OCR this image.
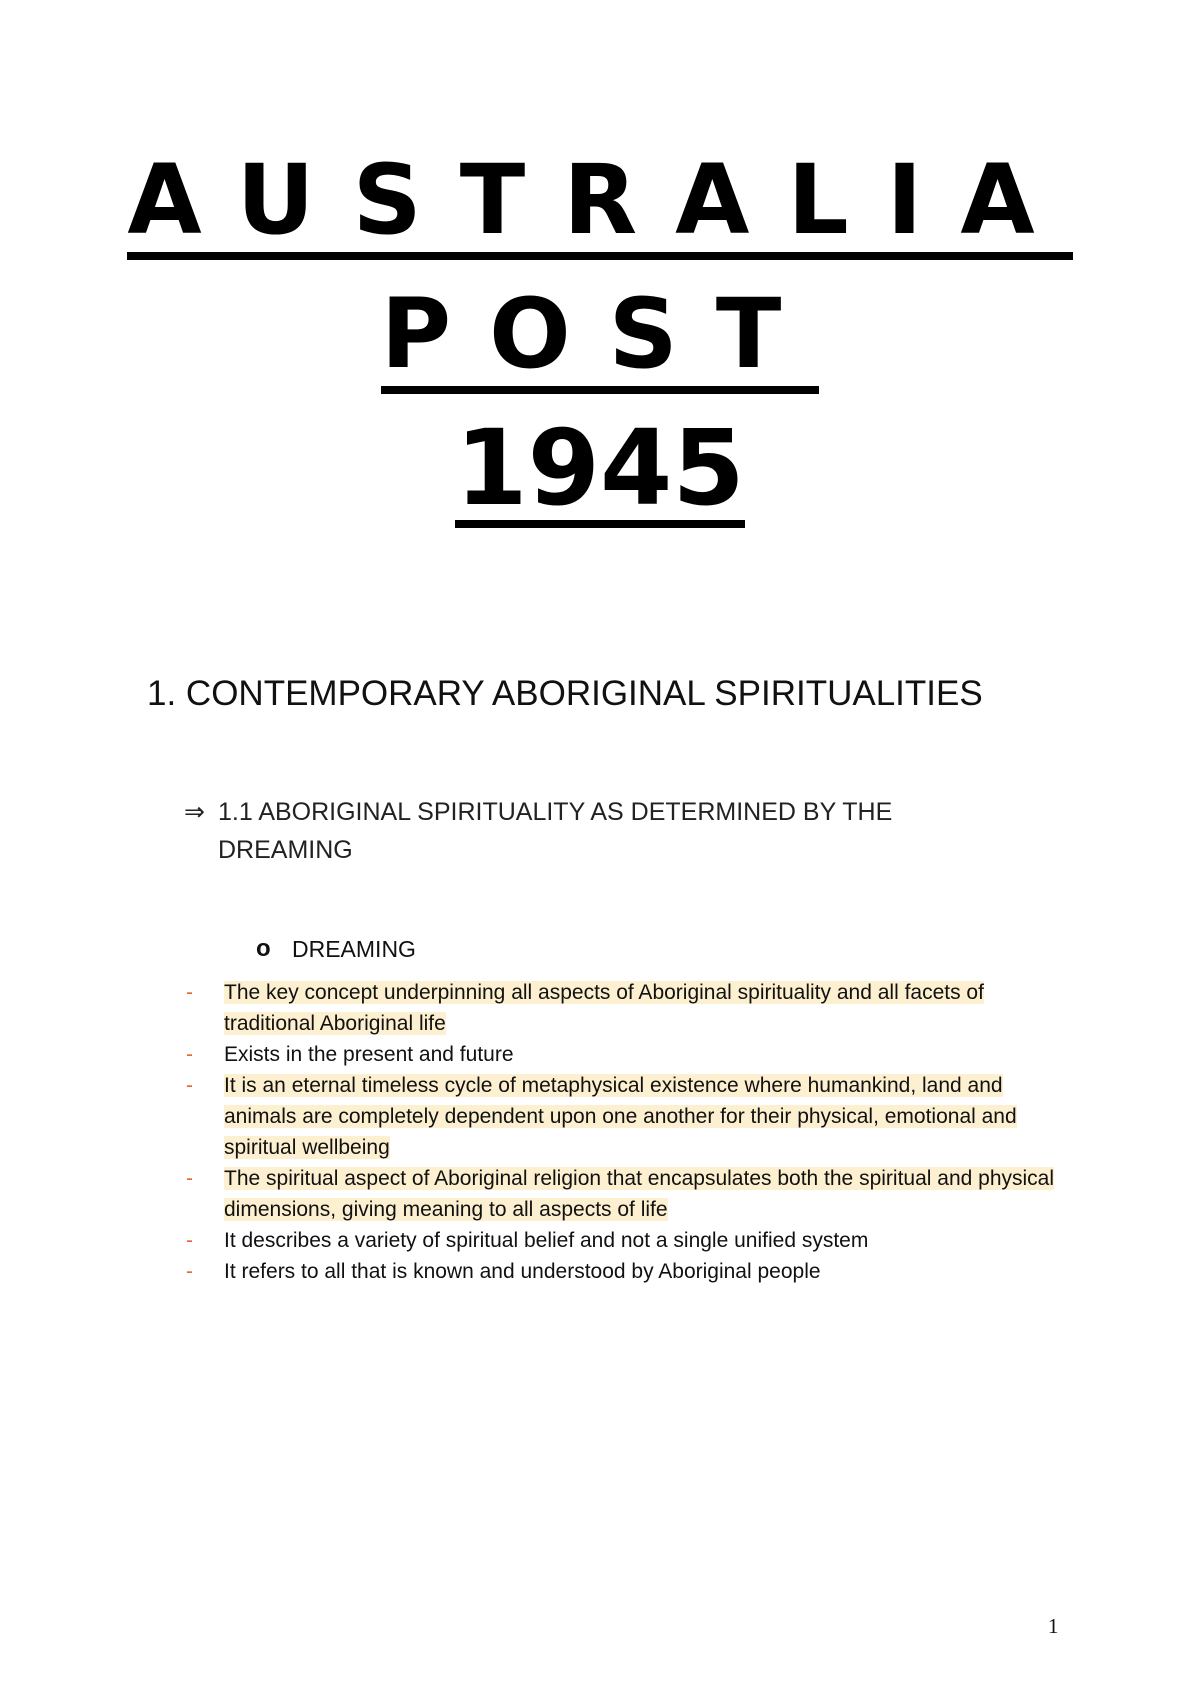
AUSTRALIA
POST
1945
1. CONTEMPORARY ABORIGINAL SPIRITUALITIES
⇒ 1.1 ABORIGINAL SPIRITUALITY AS DETERMINED BY THE DREAMING
o DREAMING
-	The key concept underpinning all aspects of Aboriginal spirituality and all facets of traditional Aboriginal life
-	Exists in the present and future
-	It is an eternal timeless cycle of metaphysical existence where humankind, land and animals are completely dependent upon one another for their physical, emotional and spiritual wellbeing
-	The spiritual aspect of Aboriginal religion that encapsulates both the spiritual and physical dimensions, giving meaning to all aspects of life
-	It describes a variety of spiritual belief and not a single unified system
-	It refers to all that is known and understood by Aboriginal people
1
